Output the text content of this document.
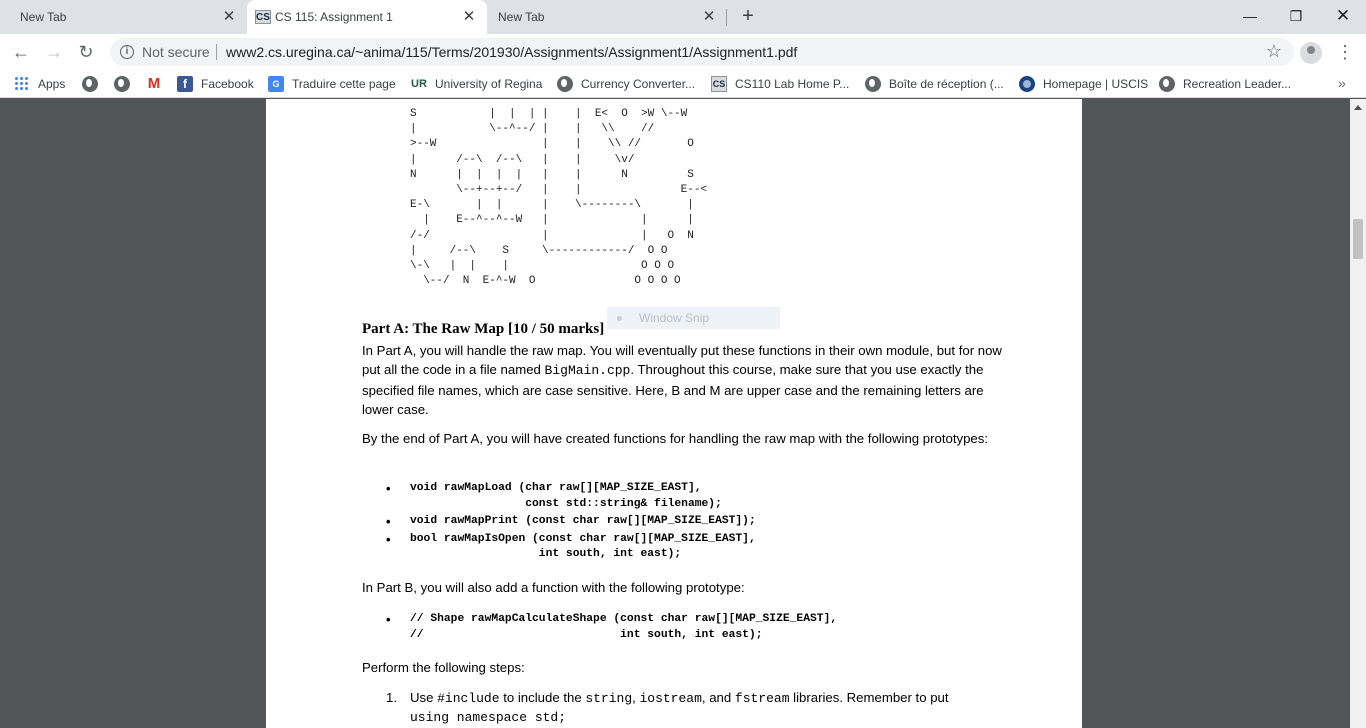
New Tab	✕ CS CS 115: Assignment 1	✕ New Tab	✕ +	—	❐	✕
← → ↻	i Not secure www2.cs.uregina.ca/~anima/115/Terms/201930/Assignments/Assignment1/Assignment1.pdf	☆	⋮
Apps	M	f	Facebook	G	Traduire cette page UR University of Regina	Currency Converter... CS CS110 Lab Home P...	Boîte de réception (...	Homepage | USCIS	Recreation Leader...	»
S           |  |  | |    |  E<  O  >W \--W
|           \--^--/ |    |   \\    //
>--W                |    |    \\ //       O
|      /--\  /--\   |    |     \v/
N      |  |  |  |   |    |      N         S
\--+--+--/   |    |               E--<
E-\       |  |      |    \--------\       |
|    E--^--^--W   |              |      |
/-/                 |              |   O  N
|     /--\    S     \------------/  O O
\-\   |  |    |                    O O O
\--/  N  E-^-W  O               O O O O
Window Snip
Part A: The Raw Map [10 / 50 marks]

In Part A, you will handle the raw map. You will eventually put these functions in their own module, but for now put all the code in a file named BigMain.cpp. Throughout this course, make sure that you use exactly the specified file names, which are case sensitive. Here, B and M are upper case and the remaining letters are lower case.

By the end of Part A, you will have created functions for handling the raw map with the following prototypes:

• void rawMapLoad (char raw[][MAP_SIZE_EAST],
const std::string& filename);
• void rawMapPrint (const char raw[][MAP_SIZE_EAST]);
• bool rawMapIsOpen (const char raw[][MAP_SIZE_EAST],
int south, int east);

In Part B, you will also add a function with the following prototype:

• // Shape rawMapCalculateShape (const char raw[][MAP_SIZE_EAST],
//                             int south, int east);

Perform the following steps:

1. Use #include to include the string, iostream, and fstream libraries. Remember to put
using namespace std;
